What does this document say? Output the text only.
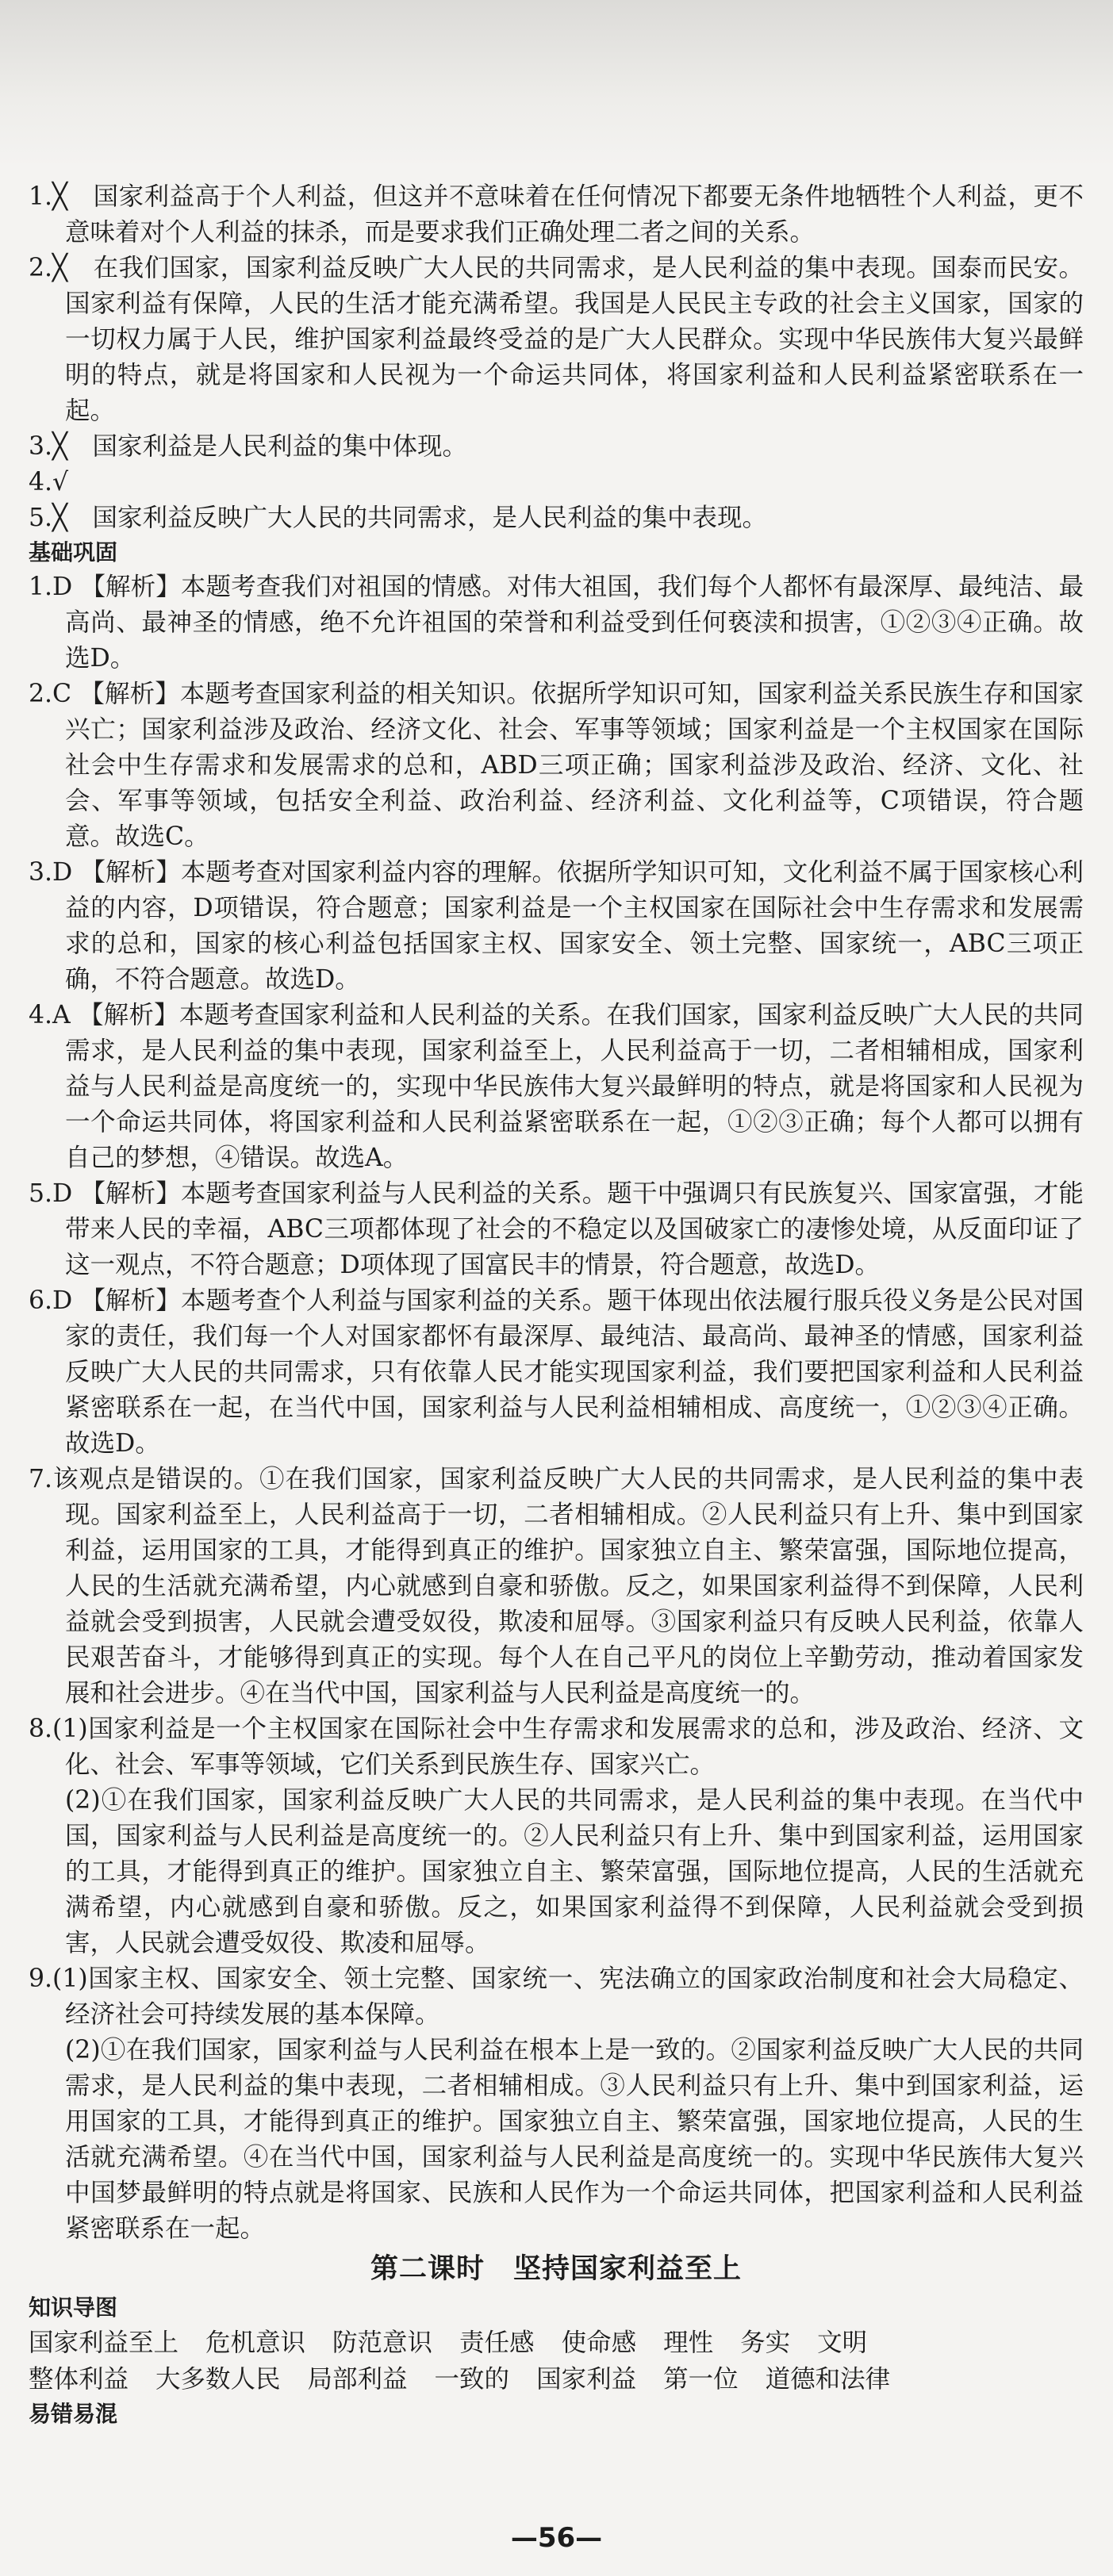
1.╳　国家利益高于个人利益，但这并不意味着在任何情况下都要无条件地牺牲个人利益，更不意味着对个人利益的抹杀，而是要求我们正确处理二者之间的关系。
2.╳　在我们国家，国家利益反映广大人民的共同需求，是人民利益的集中表现。国泰而民安。国家利益有保障，人民的生活才能充满希望。我国是人民民主专政的社会主义国家，国家的一切权力属于人民，维护国家利益最终受益的是广大人民群众。实现中华民族伟大复兴最鲜明的特点，就是将国家和人民视为一个命运共同体，将国家利益和人民利益紧密联系在一起。
3.╳　国家利益是人民利益的集中体现。
4.√
5.╳　国家利益反映广大人民的共同需求，是人民利益的集中表现。
基础巩固
1.D 【解析】本题考查我们对祖国的情感。对伟大祖国，我们每个人都怀有最深厚、最纯洁、最高尚、最神圣的情感，绝不允许祖国的荣誉和利益受到任何亵渎和损害，①②③④正确。故选D。
2.C 【解析】本题考查国家利益的相关知识。依据所学知识可知，国家利益关系民族生存和国家兴亡；国家利益涉及政治、经济文化、社会、军事等领域；国家利益是一个主权国家在国际社会中生存需求和发展需求的总和，ABD三项正确；国家利益涉及政治、经济、文化、社会、军事等领域，包括安全利益、政治利益、经济利益、文化利益等，C项错误，符合题意。故选C。
3.D 【解析】本题考查对国家利益内容的理解。依据所学知识可知，文化利益不属于国家核心利益的内容，D项错误，符合题意；国家利益是一个主权国家在国际社会中生存需求和发展需求的总和，国家的核心利益包括国家主权、国家安全、领土完整、国家统一，ABC三项正确，不符合题意。故选D。
4.A 【解析】本题考查国家利益和人民利益的关系。在我们国家，国家利益反映广大人民的共同需求，是人民利益的集中表现，国家利益至上，人民利益高于一切，二者相辅相成，国家利益与人民利益是高度统一的，实现中华民族伟大复兴最鲜明的特点，就是将国家和人民视为一个命运共同体，将国家利益和人民利益紧密联系在一起，①②③正确；每个人都可以拥有自己的梦想，④错误。故选A。
5.D 【解析】本题考查国家利益与人民利益的关系。题干中强调只有民族复兴、国家富强，才能带来人民的幸福，ABC三项都体现了社会的不稳定以及国破家亡的凄惨处境，从反面印证了这一观点，不符合题意；D项体现了国富民丰的情景，符合题意，故选D。
6.D 【解析】本题考查个人利益与国家利益的关系。题干体现出依法履行服兵役义务是公民对国家的责任，我们每一个人对国家都怀有最深厚、最纯洁、最高尚、最神圣的情感，国家利益反映广大人民的共同需求，只有依靠人民才能实现国家利益，我们要把国家利益和人民利益紧密联系在一起，在当代中国，国家利益与人民利益相辅相成、高度统一，①②③④正确。故选D。
7.该观点是错误的。①在我们国家，国家利益反映广大人民的共同需求，是人民利益的集中表现。国家利益至上，人民利益高于一切，二者相辅相成。②人民利益只有上升、集中到国家利益，运用国家的工具，才能得到真正的维护。国家独立自主、繁荣富强，国际地位提高，人民的生活就充满希望，内心就感到自豪和骄傲。反之，如果国家利益得不到保障，人民利益就会受到损害，人民就会遭受奴役，欺凌和屈辱。③国家利益只有反映人民利益，依靠人民艰苦奋斗，才能够得到真正的实现。每个人在自己平凡的岗位上辛勤劳动，推动着国家发展和社会进步。④在当代中国，国家利益与人民利益是高度统一的。
8.(1)国家利益是一个主权国家在国际社会中生存需求和发展需求的总和，涉及政治、经济、文化、社会、军事等领域，它们关系到民族生存、国家兴亡。
(2)①在我们国家，国家利益反映广大人民的共同需求，是人民利益的集中表现。在当代中国，国家利益与人民利益是高度统一的。②人民利益只有上升、集中到国家利益，运用国家的工具，才能得到真正的维护。国家独立自主、繁荣富强，国际地位提高，人民的生活就充满希望，内心就感到自豪和骄傲。反之，如果国家利益得不到保障，人民利益就会受到损害，人民就会遭受奴役、欺凌和屈辱。
9.(1)国家主权、国家安全、领土完整、国家统一、宪法确立的国家政治制度和社会大局稳定、经济社会可持续发展的基本保障。
(2)①在我们国家，国家利益与人民利益在根本上是一致的。②国家利益反映广大人民的共同需求，是人民利益的集中表现，二者相辅相成。③人民利益只有上升、集中到国家利益，运用国家的工具，才能得到真正的维护。国家独立自主、繁荣富强，国家地位提高，人民的生活就充满希望。④在当代中国，国家利益与人民利益是高度统一的。实现中华民族伟大复兴中国梦最鲜明的特点就是将国家、民族和人民作为一个命运共同体，把国家利益和人民利益紧密联系在一起。
第二课时　坚持国家利益至上
知识导图
国家利益至上 危机意识 防范意识 责任感 使命感 理性 务实 文明
整体利益 大多数人民 局部利益 一致的 国家利益 第一位 道德和法律
易错易混
—56—
